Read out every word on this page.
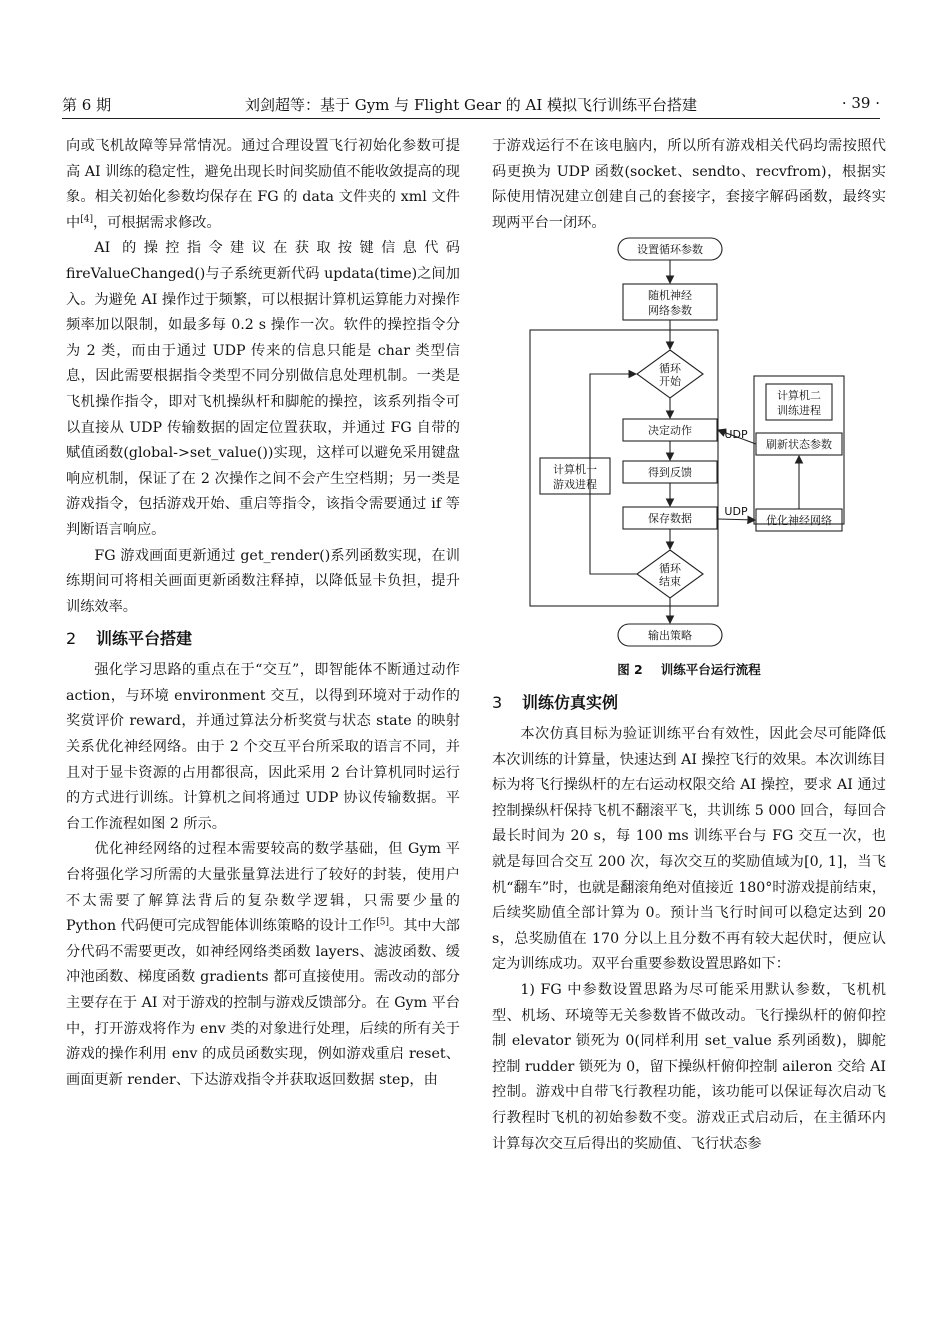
第 6 期	刘剑超等：基于 Gym 与 Flight Gear 的 AI 模拟飞行训练平台搭建	· 39 ·

向或飞机故障等异常情况。通过合理设置飞行初始化参数可提高 AI 训练的稳定性，避免出现长时间奖励值不能收敛提高的现象。相关初始化参数均保存在 FG 的 data 文件夹的 xml 文件中[4]，可根据需求修改。

AI 的操控指令建议在获取按键信息代码 fireValueChanged()与子系统更新代码 updata(time)之间加入。为避免 AI 操作过于频繁，可以根据计算机运算能力对操作频率加以限制，如最多每 0.2 s 操作一次。软件的操控指令分为 2 类，而由于通过 UDP 传来的信息只能是 char 类型信息，因此需要根据指令类型不同分别做信息处理机制。一类是飞机操作指令，即对飞机操纵杆和脚舵的操控，该系列指令可以直接从 UDP 传输数据的固定位置获取，并通过 FG 自带的赋值函数(global->set_value())实现，这样可以避免采用键盘响应机制，保证了在 2 次操作之间不会产生空档期；另一类是游戏指令，包括游戏开始、重启等指令，该指令需要通过 if 等判断语言响应。

FG 游戏画面更新通过 get_render()系列函数实现，在训练期间可将相关画面更新函数注释掉，以降低显卡负担，提升训练效率。

2 训练平台搭建

强化学习思路的重点在于“交互”，即智能体不断通过动作 action，与环境 environment 交互，以得到环境对于动作的奖赏评价 reward，并通过算法分析奖赏与状态 state 的映射关系优化神经网络。由于 2 个交互平台所采取的语言不同，并且对于显卡资源的占用都很高，因此采用 2 台计算机同时运行的方式进行训练。计算机之间将通过 UDP 协议传输数据。平台工作流程如图 2 所示。

优化神经网络的过程本需要较高的数学基础，但 Gym 平台将强化学习所需的大量张量算法进行了较好的封装，使用户不太需要了解算法背后的复杂数学逻辑，只需要少量的 Python 代码便可完成智能体训练策略的设计工作[5]。其中大部分代码不需要更改，如神经网络类函数 layers、滤波函数、缓冲池函数、梯度函数 gradients 都可直接使用。需改动的部分主要存在于 AI 对于游戏的控制与游戏反馈部分。在 Gym 平台中，打开游戏将作为 env 类的对象进行处理，后续的所有关于游戏的操作利用 env 的成员函数实现，例如游戏重启 reset、画面更新 render、下达游戏指令并获取返回数据 step，由

于游戏运行不在该电脑内，所以所有游戏相关代码均需按照代码更换为 UDP 函数(socket、sendto、recvfrom)，根据实际使用情况建立创建自己的套接字，套接字解码函数，最终实现两平台一闭环。

设置循环参数
随机神经
网络参数
循环
开始
决定动作
得到反馈
保存数据
循环
结束
输出策略
计算机一
游戏进程
计算机二
训练进程
刷新状态参数
优化神经网络
UDP
UDP
图 2 训练平台运行流程
3 训练仿真实例

本次仿真目标为验证训练平台有效性，因此会尽可能降低本次训练的计算量，快速达到 AI 操控飞行的效果。本次训练目标为将飞行操纵杆的左右运动权限交给 AI 操控，要求 AI 通过控制操纵杆保持飞机不翻滚平飞，共训练 5 000 回合，每回合最长时间为 20 s，每 100 ms 训练平台与 FG 交互一次，也就是每回合交互 200 次，每次交互的奖励值域为[0, 1]，当飞机“翻车”时，也就是翻滚角绝对值接近 180°时游戏提前结束，后续奖励值全部计算为 0。预计当飞行时间可以稳定达到 20 s，总奖励值在 170 分以上且分数不再有较大起伏时，便应认定为训练成功。双平台重要参数设置思路如下：

1) FG 中参数设置思路为尽可能采用默认参数，飞机机型、机场、环境等无关参数皆不做改动。飞行操纵杆的俯仰控制 elevator 锁死为 0(同样利用 set_value 系列函数)，脚舵控制 rudder 锁死为 0，留下操纵杆俯仰控制 aileron 交给 AI 控制。游戏中自带飞行教程功能，该功能可以保证每次启动飞行教程时飞机的初始参数不变。游戏正式启动后，在主循环内计算每次交互后得出的奖励值、飞行状态参
